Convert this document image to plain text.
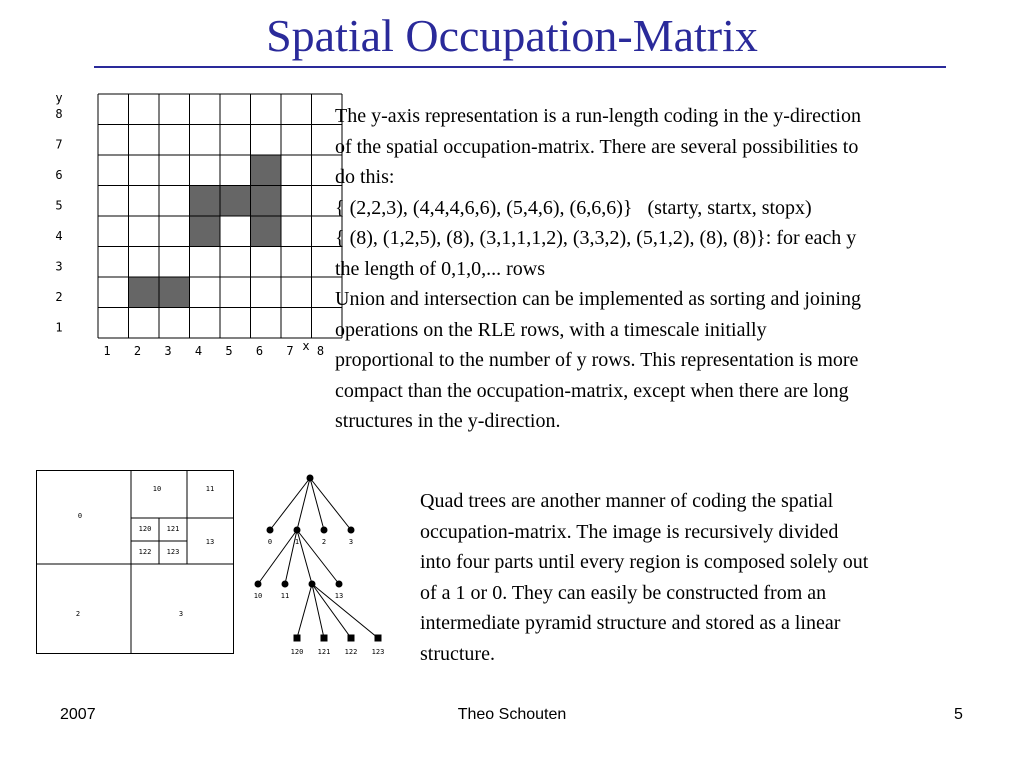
Spatial Occupation-Matrix
1 2 3 4 5 6 7 8
1
2
3
4
5
6
7
8
x
y

The y-axis representation is a run-length coding in the y-direction

of the spatial occupation-matrix. There are several possibilities to

do this:

{ (2,2,3), (4,4,4,6,6), (5,4,6), (6,6,6)}   (starty, startx, stopx)

{ (8), (1,2,5), (8), (3,1,1,1,2), (3,3,2), (5,1,2), (8), (8)}: for each y

the length of 0,1,0,... rows

Union and intersection can be implemented as sorting and joining

operations on the RLE rows, with a timescale initially

proportional to the number of y rows. This representation is more

compact than the occupation-matrix, except when there are long

structures in the y-direction.

0
10	11
120 121
122 123
13
2	3
0	1	2	3
10	11	13
120 121 122 123

Quad trees are another manner of coding the spatial

occupation-matrix. The image is recursively divided

into four parts until every region is composed solely out

of a 1 or 0. They can easily be constructed from an

intermediate pyramid structure and stored as a linear

structure.

2007	Theo Schouten	5
